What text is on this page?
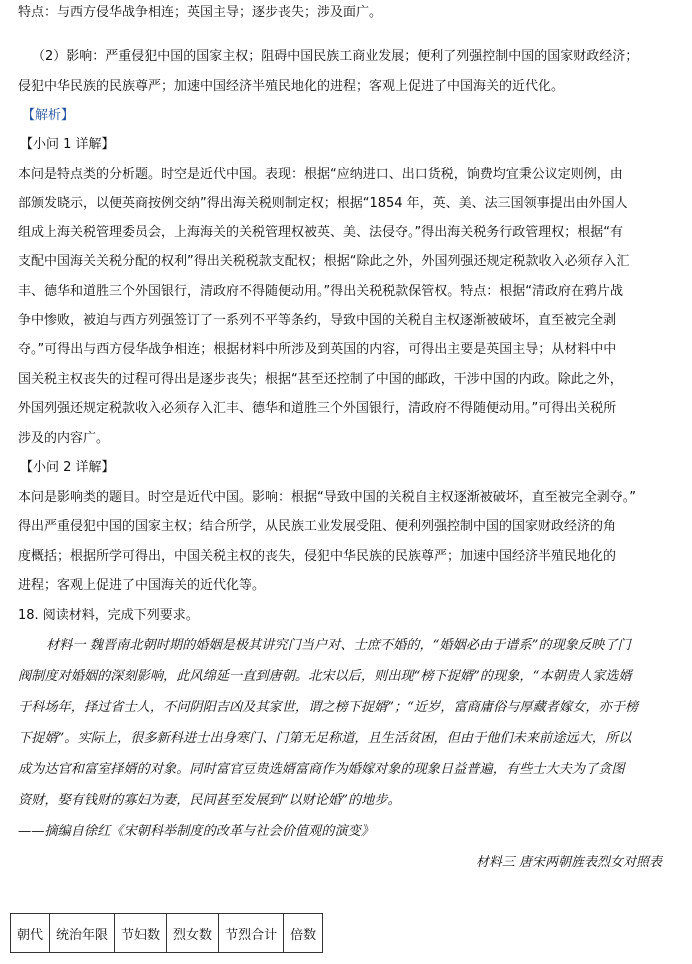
特点：与西方侵华战争相连；英国主导；逐步丧失；涉及面广。
（2）影响：严重侵犯中国的国家主权；阻碍中国民族工商业发展；便利了列强控制中国的国家财政经济；
侵犯中华民族的民族尊严；加速中国经济半殖民地化的进程；客观上促进了中国海关的近代化。
【解析】
【小问 1 详解】
本问是特点类的分析题。时空是近代中国。表现：根据“应纳进口、出口货税，饷费均宜秉公议定则例，由
部颁发晓示，以便英商按例交纳”得出海关税则制定权；根据“1854 年，英、美、法三国领事提出由外国人
组成上海关税管理委员会，上海海关的关税管理权被英、美、法侵夺。”得出海关税务行政管理权；根据“有
支配中国海关关税分配的权利”得出关税税款支配权；根据“除此之外，外国列强还规定税款收入必须存入汇
丰、德华和道胜三个外国银行，清政府不得随便动用。”得出关税税款保管权。特点：根据“清政府在鸦片战
争中惨败，被迫与西方列强签订了一系列不平等条约，导致中国的关税自主权逐渐被破坏，直至被完全剥
夺。”可得出与西方侵华战争相连；根据材料中所涉及到英国的内容，可得出主要是英国主导；从材料中中
国关税主权丧失的过程可得出是逐步丧失；根据“甚至还控制了中国的邮政，干涉中国的内政。除此之外，
外国列强还规定税款收入必须存入汇丰、德华和道胜三个外国银行，清政府不得随便动用。”可得出关税所
涉及的内容广。
【小问 2 详解】
本问是影响类的题目。时空是近代中国。影响：根据“导致中国的关税自主权逐渐被破坏，直至被完全剥夺。”
得出严重侵犯中国的国家主权；结合所学，从民族工业发展受阻、便利列强控制中国的国家财政经济的角
度概括；根据所学可得出，中国关税主权的丧失，侵犯中华民族的民族尊严；加速中国经济半殖民地化的
进程；客观上促进了中国海关的近代化等。
18. 阅读材料，完成下列要求。
材料一 魏晋南北朝时期的婚姻是极其讲究门当户对、士庶不婚的，“婚姻必由于谱系”的现象反映了门
阀制度对婚姻的深刻影响，此风绵延一直到唐朝。北宋以后，则出现“榜下捉婿”的现象，“本朝贵人家选婿
于科场年，择过省士人，不问阴阳吉凶及其家世，谓之榜下捉婿”；“近岁，富商庸俗与厚藏者嫁女，亦于榜
下捉婿”。实际上，很多新科进士出身寒门、门第无足称道，且生活贫困，但由于他们未来前途远大，所以
成为达官和富室择婿的对象。同时富官豆贵选婿富商作为婚嫁对象的现象日益普遍，有些士大夫为了贪图
资财，娶有钱财的寡妇为妻，民间甚至发展到“以财论婚”的地步。
——摘编自徐红《宋朝科举制度的改革与社会价值观的演变》
材料三 唐宋两朝旌表烈女对照表
朝代	统治年限	节妇数	烈女数	节烈合计	倍数
